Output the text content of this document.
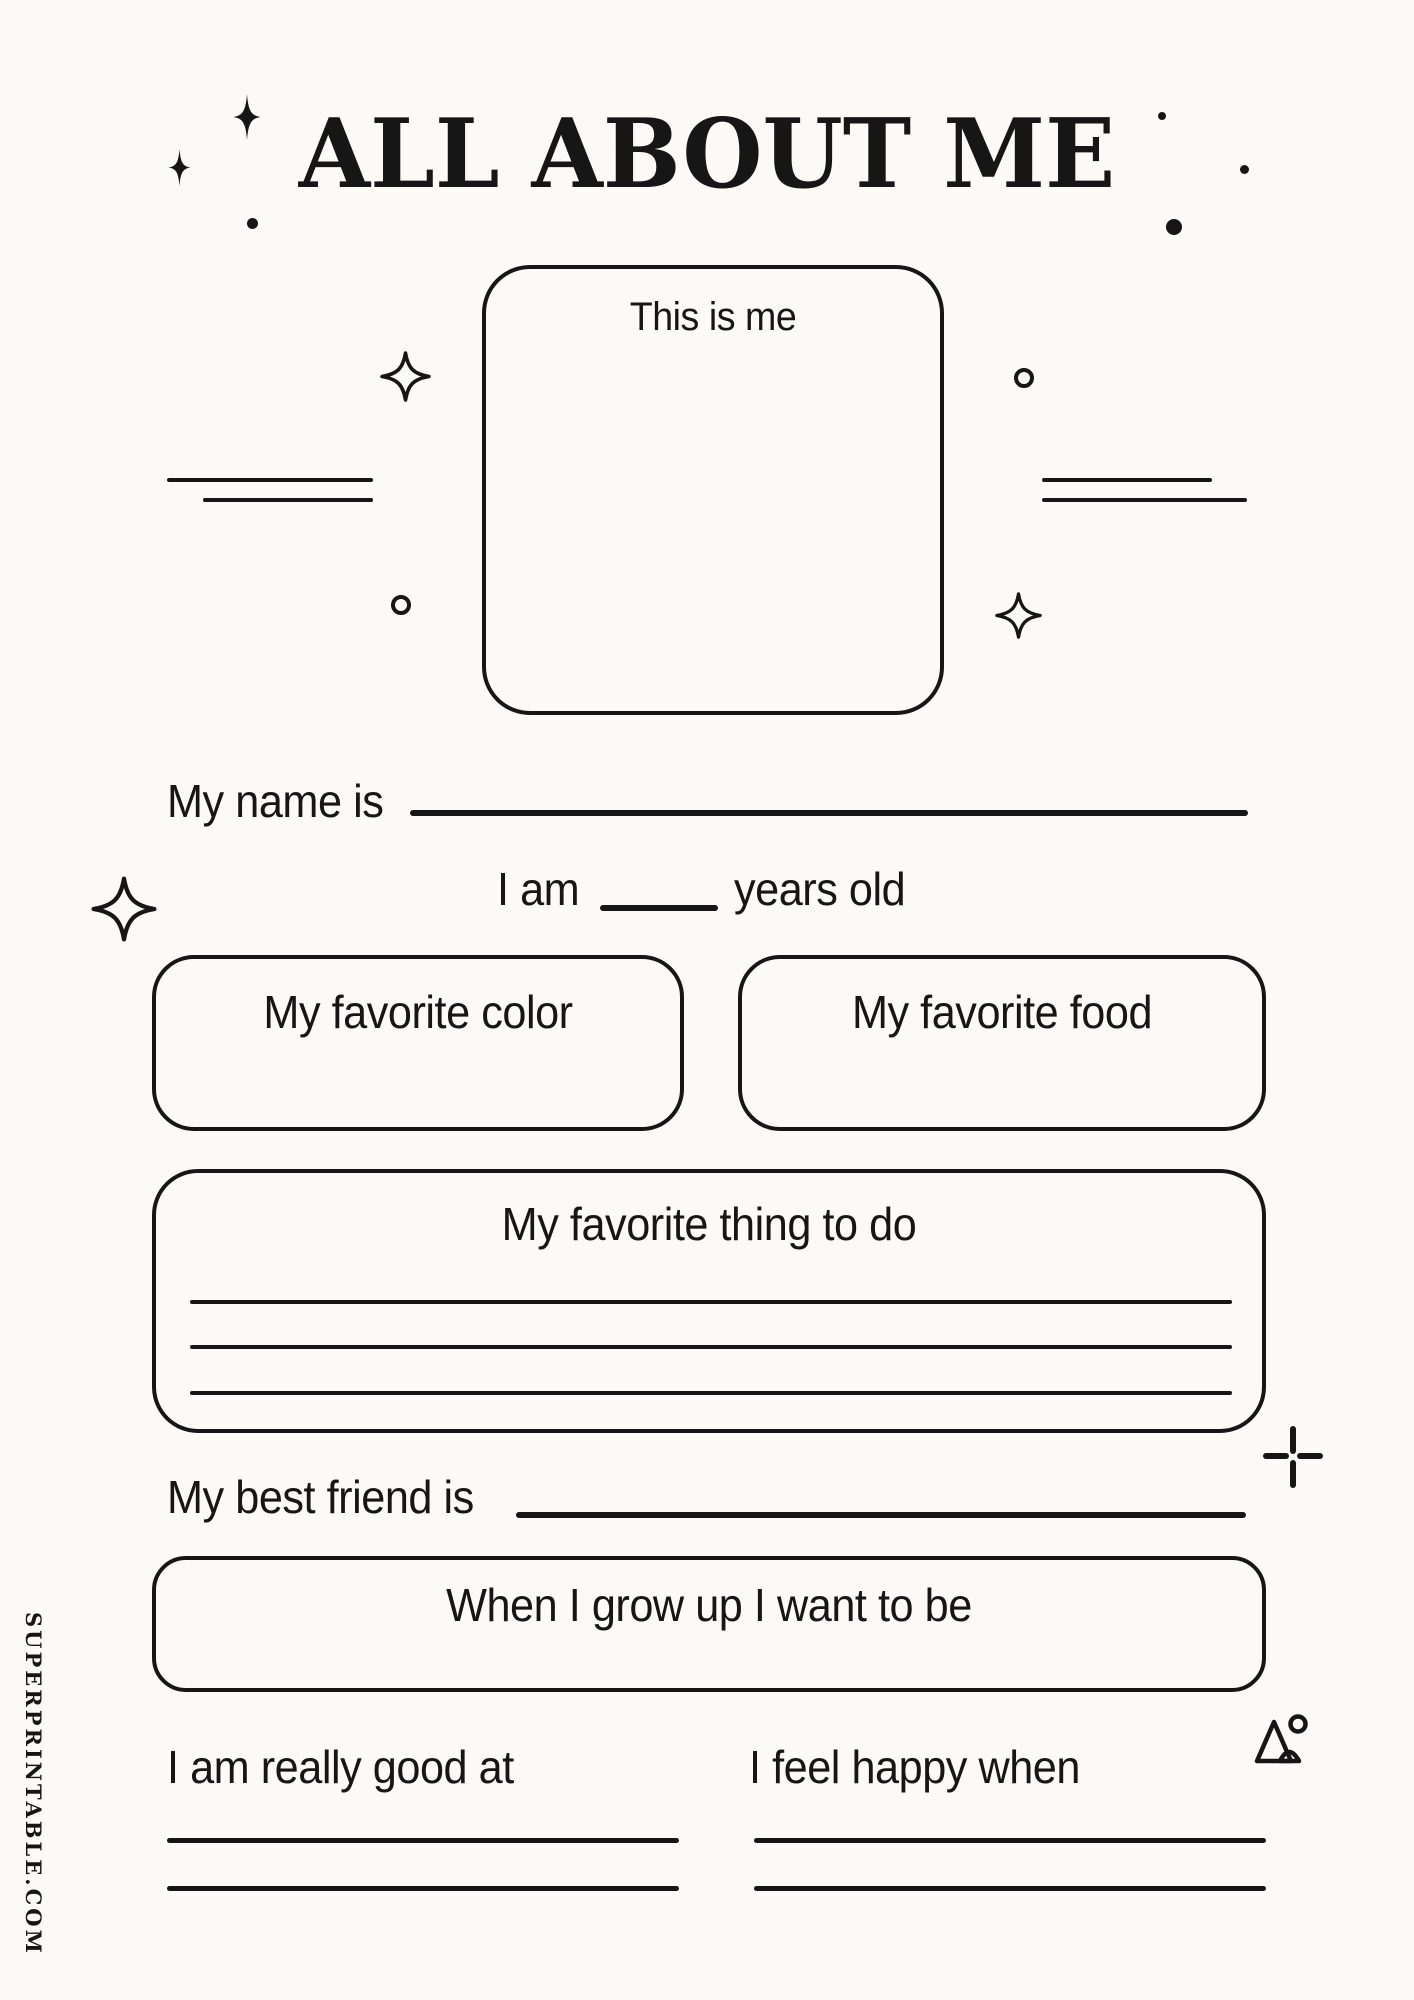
SUPERPRINTABLE.COM
ALL ABOUT ME
This is me
My name is
I am	years old
My favorite color	My favorite food
My favorite thing to do
My best friend is
When I grow up I want to be
I am really good at	I feel happy when
